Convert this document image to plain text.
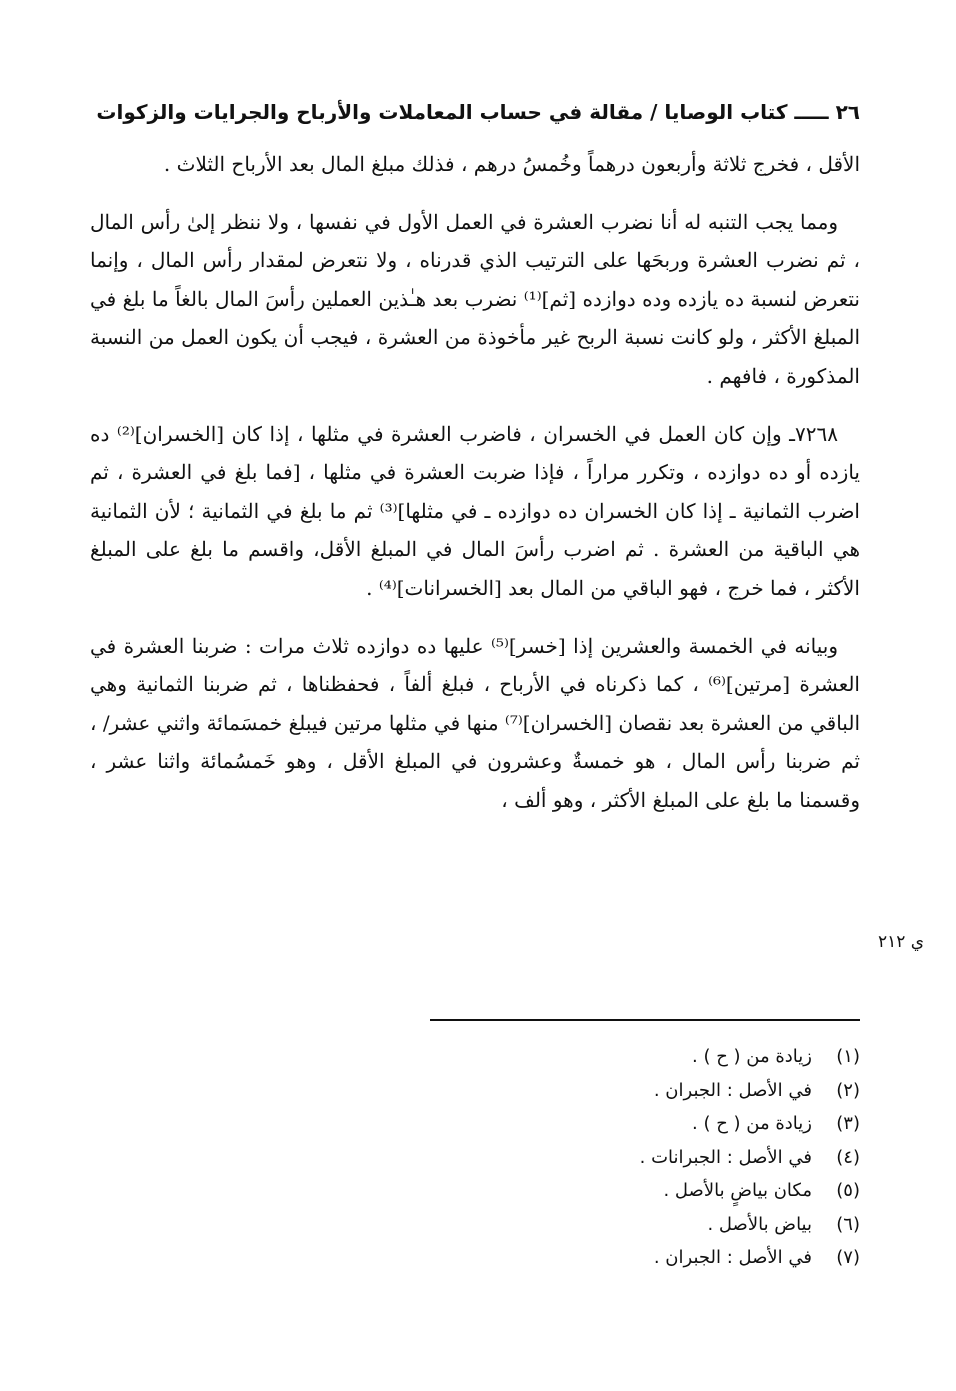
٢٦ ـــــ كتاب الوصايا / مقالة في حساب المعاملات والأرباح والجرايات والزكوات

الأقل ، فخرج ثلاثة وأربعون درهماً وخُمسُ درهم ، فذلك مبلغ المال بعد الأرباح الثلاث .

ومما يجب التنبه له أنا نضرب العشرة في العمل الأول في نفسها ، ولا ننظر إلىٰ رأس المال ، ثم نضرب العشرة وربحَها على الترتيب الذي قدرناه ، ولا نتعرض لمقدار رأس المال ، وإنما نتعرض لنسبة ده يازده وده دوازده [ثم]⁽¹⁾ نضرب بعد هـٰذين العملين رأسَ المال بالغاً ما بلغ في المبلغ الأكثر ، ولو كانت نسبة الربح غير مأخوذة من العشرة ، فيجب أن يكون العمل من النسبة المذكورة ، فافهم .

٧٢٦٨ـ وإن كان العمل في الخسران ، فاضرب العشرة في مثلها ، إذا كان [الخسران]⁽²⁾ ده يازده أو ده دوازده ، وتكرر مراراً ، فإذا ضربت العشرة في مثلها ، [فما بلغ في العشرة ، ثم اضرب الثمانية ـ إذا كان الخسران ده دوازده ـ في مثلها]⁽³⁾ ثم ما بلغ في الثمانية ؛ لأن الثمانية هي الباقية من العشرة . ثم اضرب رأسَ المال في المبلغ الأقل، واقسم ما بلغ على المبلغ الأكثر ، فما خرج ، فهو الباقي من المال بعد [الخسرانات]⁽⁴⁾ .

وبيانه في الخمسة والعشرين إذا [خسر]⁽⁵⁾ عليها ده دوازده ثلاث مرات : ضربنا العشرة في العشرة [مرتين]⁽⁶⁾ ، كما ذكرناه في الأرباح ، فبلغ ألفاً ، فحفظناها ، ثم ضربنا الثمانية وهي الباقي من العشرة بعد نقصان [الخسران]⁽⁷⁾ منها في مثلها مرتين فيبلغ خمسَمائة واثني عشر/ ، ثم ضربنا رأس المال ، هو خمسةٌ وعشرون في المبلغ الأقل ، وهو خَمسُمائة واثنا عشر ، وقسمنا ما بلغ على المبلغ الأكثر ، وهو ألف ،

ي ٢١٢
(١)زيادة من ( ح ) .
(٢)في الأصل : الجبران .
(٣)زيادة من ( ح ) .
(٤)في الأصل : الجبرانات .
(٥)مكان بياضٍ بالأصل .
(٦)بياض بالأصل .
(٧)في الأصل : الجبران .
